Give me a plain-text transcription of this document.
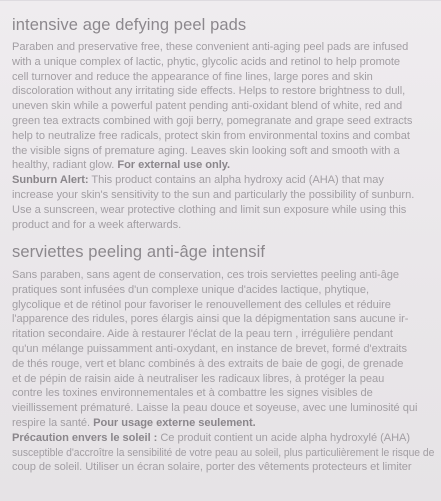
intensive age defying peel pads

Paraben and preservative free, these convenient anti-aging peel pads are infused
with a unique complex of lactic, phytic, glycolic acids and retinol to help promote
cell turnover and reduce the appearance of fine lines, large pores and skin
discoloration without any irritating side effects. Helps to restore brightness to dull,
uneven skin while a powerful patent pending anti-oxidant blend of white, red and
green tea extracts combined with goji berry, pomegranate and grape seed extracts
help to neutralize free radicals, protect skin from environmental toxins and combat
the visible signs of premature aging. Leaves skin looking soft and smooth with a
healthy, radiant glow. For external use only.
Sunburn Alert: This product contains an alpha hydroxy acid (AHA) that may
increase your skin's sensitivity to the sun and particularly the possibility of sunburn.
Use a sunscreen, wear protective clothing and limit sun exposure while using this
product and for a week afterwards.

serviettes peeling anti-âge intensif

Sans paraben, sans agent de conservation, ces trois serviettes peeling anti-âge
pratiques sont infusées d'un complexe unique d'acides lactique, phytique,
glycolique et de rétinol pour favoriser le renouvellement des cellules et réduire
l'apparence des ridules, pores élargis ainsi que la dépigmentation sans aucune ir-
ritation secondaire. Aide à restaurer l'éclat de la peau tern , irrégulière pendant
qu'un mélange puissamment anti-oxydant, en instance de brevet, formé d'extraits
de thés rouge, vert et blanc combinés à des extraits de baie de gogi, de grenade
et de pépin de raisin aide à neutraliser les radicaux libres, à protéger la peau
contre les toxines environnementales et à combattre les signes visibles de
vieillissement prématuré. Laisse la peau douce et soyeuse, avec une luminosité qui
respire la santé. Pour usage externe seulement.
Précaution envers le soleil : Ce produit contient un acide alpha hydroxylé (AHA)
susceptible d'accroître la sensibilité de votre peau au soleil, plus particulièrement le risque de
coup de soleil. Utiliser un écran solaire, porter des vêtements protecteurs et limiter
